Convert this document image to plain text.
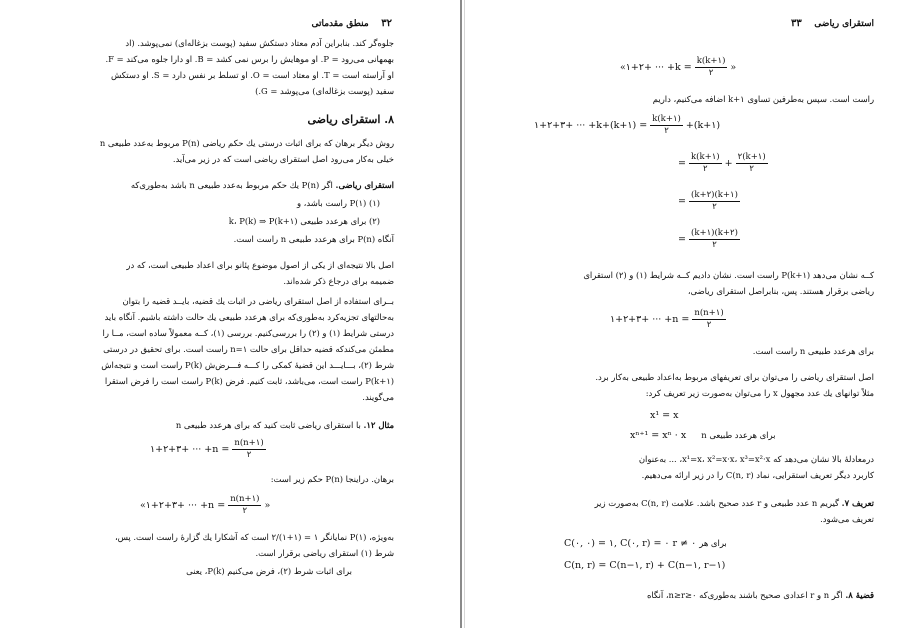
۳۲    منطق مقدماتی
جلوه‌گر کند. بنابراین آدم معتاد دستکش سفید (پوست بزغاله‌ای) نمی‌پوشد. (اد
بهمهانی می‌رود = P. او موهایش را برس نمی کشد = B. او دارا جلوه می‌کند = F.
او آراسته است = T. او معتاد است = O. او تسلط بر نفس دارد = S. او دستکش
سفید (پوست بزغاله‌ای) می‌پوشد = G.)
۸. استقرای ریاضی
روش دیگر برهان که برای اثبات درستی یك حکم ریاضی P(n) مربوط به‌عدد طبیعی n
خیلی به‌کار می‌رود اصل استقرای ریاضی است که در زیر می‌آید.
استقرای ریاضی. اگر P(n) یك حکم مربوط به‌عدد طبیعی n باشد به‌طوری‌که
(۱) P(۱) راست باشد، و
(۲) برای هرعدد طبیعی k، P(k) ⇒ P(k+۱)
آنگاه P(n) برای هرعدد طبیعی n راست است.
اصل بالا نتیجه‌ای از یکی از اصول موضوع پئانو برای اعداد طبیعی است، که در
ضمیمه برای درجاع ذکر شده‌اند.
بــرای استفاده از اصل استقرای ریاضی در اثبات یك قضیه، بایــد قضیه را بتوان
به‌حالتهای تجزیه‌کرد به‌طوری‌که برای هرعدد طبیعی یك حالت داشته باشیم. آنگاه باید
درستی شرایط (۱) و (۲) را بررسی‌کنیم. بررسی (۱)، کــه معمولاً ساده است، مــا را
مطمئن می‌کندکه قضیه حداقل برای حالت n=۱ راست است. برای تحقیق در درستی
شرط (۲)، بـــایـــد این قضیهٔ کمکی را کـــه فـــرض‌ش P(k) راست است و نتیجه‌اش
P(k+۱) راست است، می‌باشد، ثابت کنیم. فرض P(k) راست است را فرض استقرا
می‌گویند.
مثال ۱۲. با استقرای ریاضی ثابت کنید که برای هرعدد طبیعی n
۱+۲+۳+ ··· $+n = \frac{n(n+۱)}{۲}$
برهان. دراینجا P(n) حکم زیر است:
«۱+۲+۳+ ··· $+n = \frac{n(n+۱)}{۲}$ »
به‌ویژه، P(۱) نمایانگر ۱ = (۱+۱)/۲ است که آشکارا یك گزارهٔ راست است. پس،
شرط (۱) استقرای ریاضی برقرار است.
برای اثبات شرط (۲)، فرض می‌کنیم P(k)، یعنی
استقرای ریاضی    ۳۳
«۱+۲+ ··· $+k = \frac{k(k+۱)}{۲}$ »
راست است. سپس به‌طرفین تساوی k+۱ اضافه می‌کنیم، داریم
۱+۲+۳+ ··· +k+(k+۱) = $\frac{k(k+۱)}{۲}$ +(k+۱)
= $\frac{k(k+۱)}{۲} + \frac{۲(k+۱)}{۲}$
= $\frac{(k+۲)(k+۱)}{۲}$
= $\frac{(k+۱)(k+۲)}{۲}$
کــه نشان می‌دهد P(k+۱) راست است. نشان دادیم کــه شرایط (۱) و (۲) استقرای
ریاضی برقرار هستند. پس، بنابراصل استقرای ریاضی،
۱+۲+۳+ ··· $+n = \frac{n(n+۱)}{۲}$
برای هرعدد طبیعی n راست است.
اصل استقرای ریاضی را می‌توان برای تعریفهای مربوط به‌اعداد طبیعی به‌کار برد.
مثلاً توانهای یك عدد مجهول x را می‌توان به‌صورت زیر تعریف کرد:
x¹ = x
xⁿ⁺¹ = xⁿ · x برای هرعدد طبیعی n
درمعادلهٔ بالا نشان می‌دهد که x¹=x، x²=x·x، x³=x²·x، ... به‌عنوان
کاربرد دیگر تعریف استقرایی، نماد C(n, r) را در زیر ارائه می‌دهیم.
تعریف ۷. گیریم n عدد طبیعی و r عدد صحیح باشد. علامت C(n, r) به‌صورت زیر
تعریف می‌شود.
C(۰, ۰) = ۱, C(۰, r) = ۰ r ≠ ۰ برای هر
C(n, r) = C(n−۱, r) + C(n−۱, r−۱)
قضیهٔ ۸. اگر n و r اعدادی صحیح باشند به‌طوری‌که n≥r≥۰، آنگاه
